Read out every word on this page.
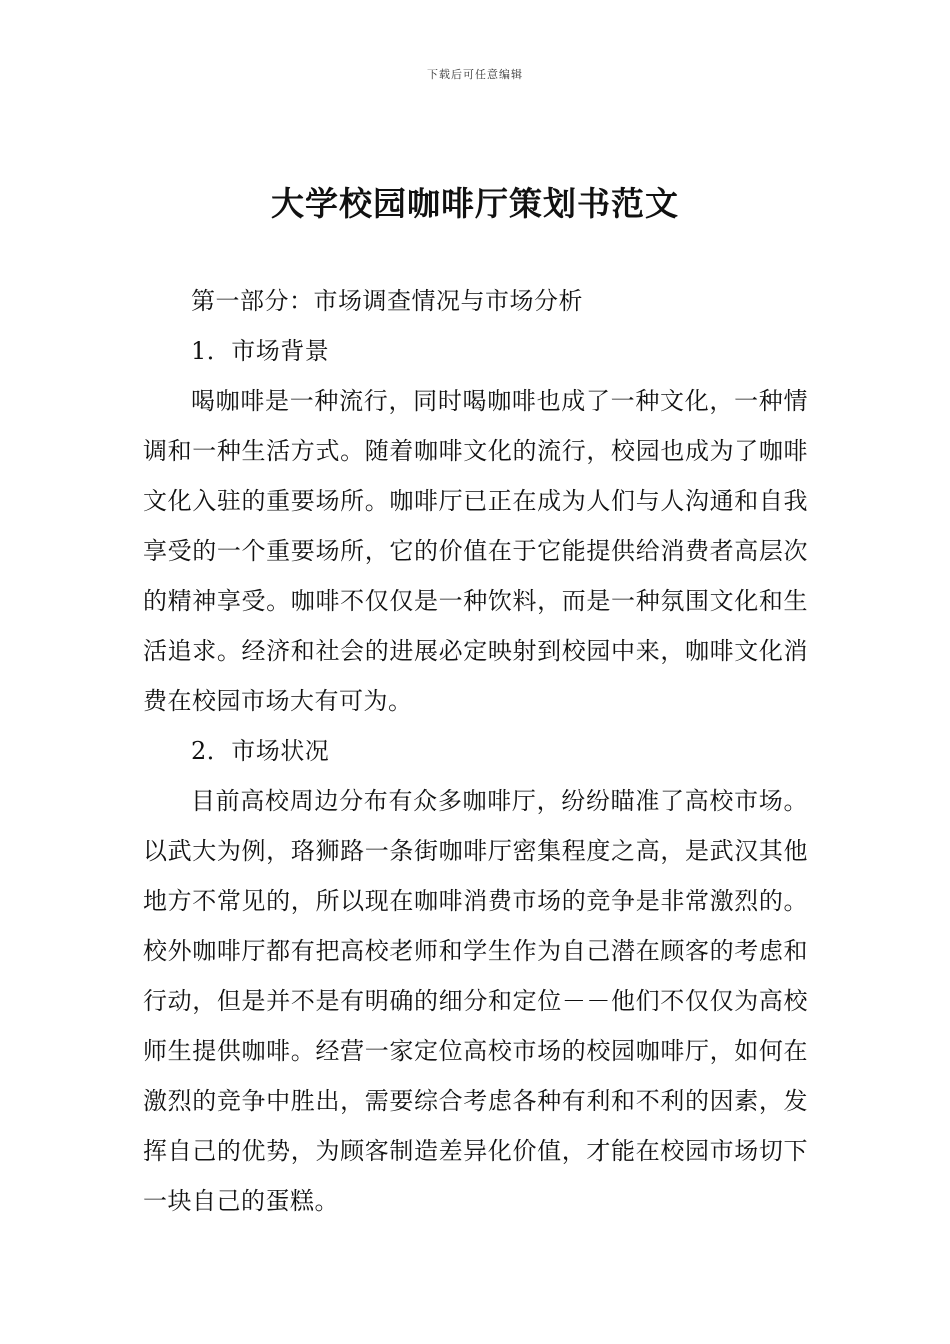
下载后可任意编辑
大学校园咖啡厅策划书范文

第一部分：市场调查情况与市场分析

1．市场背景

喝咖啡是一种流行，同时喝咖啡也成了一种文化，一种情调和一种生活方式。随着咖啡文化的流行，校园也成为了咖啡文化入驻的重要场所。咖啡厅已正在成为人们与人沟通和自我享受的一个重要场所，它的价值在于它能提供给消费者高层次的精神享受。咖啡不仅仅是一种饮料，而是一种氛围文化和生活追求。经济和社会的进展必定映射到校园中来，咖啡文化消费在校园市场大有可为。

2．市场状况

目前高校周边分布有众多咖啡厅，纷纷瞄准了高校市场。以武大为例，珞狮路一条街咖啡厅密集程度之高，是武汉其他地方不常见的，所以现在咖啡消费市场的竞争是非常激烈的。校外咖啡厅都有把高校老师和学生作为自己潜在顾客的考虑和行动，但是并不是有明确的细分和定位－－他们不仅仅为高校师生提供咖啡。经营一家定位高校市场的校园咖啡厅，如何在激烈的竞争中胜出，需要综合考虑各种有利和不利的因素，发挥自己的优势，为顾客制造差异化价值，才能在校园市场切下一块自己的蛋糕。
